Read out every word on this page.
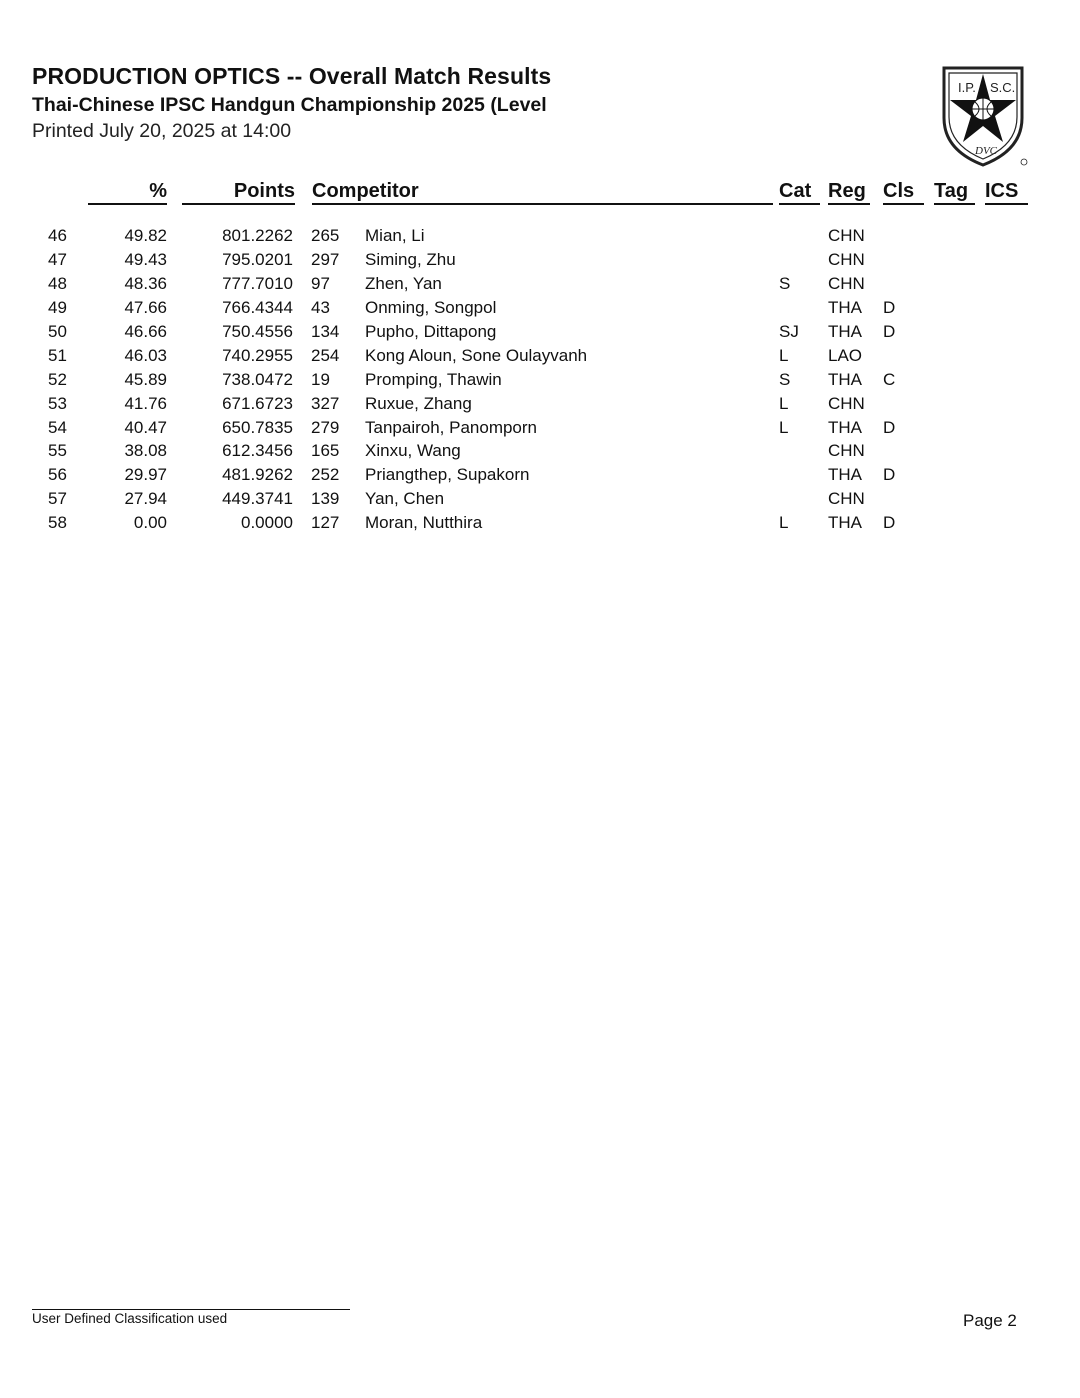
PRODUCTION OPTICS -- Overall Match Results
Thai-Chinese IPSC Handgun Championship 2025 (Level
Printed July 20, 2025 at 14:00
I.P. S.C.
DVC
%	Points Competitor	Cat Reg Cls Tag ICS
46	49.82	801.2262 265 Mian, Li	CHN
47	49.43	795.0201 297 Siming, Zhu	CHN
48	48.36	777.7010 97 Zhen, Yan	S CHN
49	47.66	766.4344 43 Onming, Songpol	THA D
50	46.66	750.4556 134 Pupho, Dittapong	SJ THA D
51	46.03	740.2955 254 Kong Aloun, Sone Oulayvanh	L LAO
52	45.89	738.0472 19 Promping, Thawin	S THA C
53	41.76	671.6723 327 Ruxue, Zhang	L CHN
54	40.47	650.7835 279 Tanpairoh, Panomporn	L THA D
55	38.08	612.3456 165 Xinxu, Wang	CHN
56	29.97	481.9262 252 Priangthep, Supakorn	THA D
57	27.94	449.3741 139 Yan, Chen	CHN
58	0.00	0.0000 127 Moran, Nutthira	L THA D
User Defined Classification used	Page 2
